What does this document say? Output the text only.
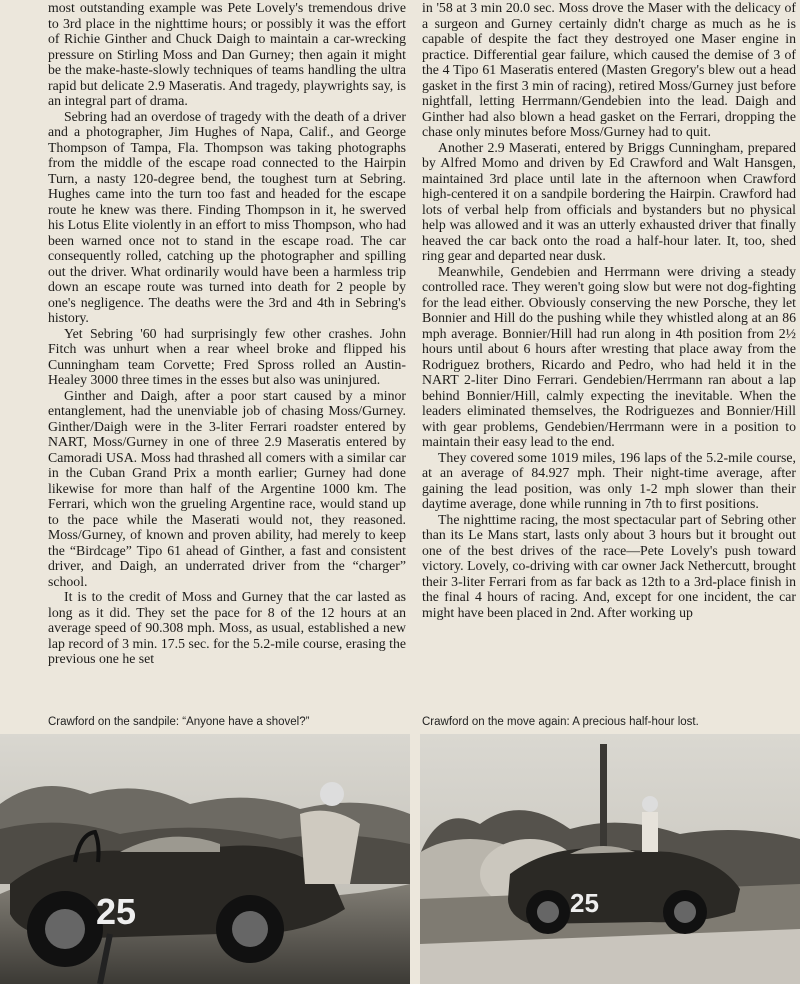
most outstanding example was Pete Lovely's tremendous drive to 3rd place in the nighttime hours; or possibly it was the effort of Richie Ginther and Chuck Daigh to maintain a car-wrecking pressure on Stirling Moss and Dan Gurney; then again it might be the make-haste-slowly techniques of teams handling the ultra rapid but delicate 2.9 Maseratis. And tragedy, playwrights say, is an integral part of drama.

Sebring had an overdose of tragedy with the death of a driver and a photographer, Jim Hughes of Napa, Calif., and George Thompson of Tampa, Fla. Thompson was taking photographs from the middle of the escape road connected to the Hairpin Turn, a nasty 120-degree bend, the toughest turn at Sebring. Hughes came into the turn too fast and headed for the escape route he knew was there. Finding Thompson in it, he swerved his Lotus Elite violently in an effort to miss Thompson, who had been warned once not to stand in the escape road. The car consequently rolled, catching up the photographer and spilling out the driver. What ordinarily would have been a harmless trip down an escape route was turned into death for 2 people by one's negligence. The deaths were the 3rd and 4th in Sebring's history.

Yet Sebring '60 had surprisingly few other crashes. John Fitch was unhurt when a rear wheel broke and flipped his Cunningham team Corvette; Fred Spross rolled an Austin-Healey 3000 three times in the esses but also was uninjured.

Ginther and Daigh, after a poor start caused by a minor entanglement, had the unenviable job of chasing Moss/Gurney. Ginther/Daigh were in the 3-liter Ferrari roadster entered by NART, Moss/Gurney in one of three 2.9 Maseratis entered by Camoradi USA. Moss had thrashed all comers with a similar car in the Cuban Grand Prix a month earlier; Gurney had done likewise for more than half of the Argentine 1000 km. The Ferrari, which won the grueling Argentine race, would stand up to the pace while the Maserati would not, they reasoned. Moss/Gurney, of known and proven ability, had merely to keep the “Birdcage” Tipo 61 ahead of Ginther, a fast and consistent driver, and Daigh, an underrated driver from the “charger” school.

It is to the credit of Moss and Gurney that the car lasted as long as it did. They set the pace for 8 of the 12 hours at an average speed of 90.308 mph. Moss, as usual, established a new lap record of 3 min. 17.5 sec. for the 5.2-mile course, erasing the previous one he set

in '58 at 3 min 20.0 sec. Moss drove the Maser with the delicacy of a surgeon and Gurney certainly didn't charge as much as he is capable of despite the fact they destroyed one Maser engine in practice. Differential gear failure, which caused the demise of 3 of the 4 Tipo 61 Maseratis entered (Masten Gregory's blew out a head gasket in the first 3 min of racing), retired Moss/Gurney just before nightfall, letting Herrmann/Gendebien into the lead. Daigh and Ginther had also blown a head gasket on the Ferrari, dropping the chase only minutes before Moss/Gurney had to quit.

Another 2.9 Maserati, entered by Briggs Cunningham, prepared by Alfred Momo and driven by Ed Crawford and Walt Hansgen, maintained 3rd place until late in the afternoon when Crawford high-centered it on a sandpile bordering the Hairpin. Crawford had lots of verbal help from officials and bystanders but no physical help was allowed and it was an utterly exhausted driver that finally heaved the car back onto the road a half-hour later. It, too, shed ring gear and departed near dusk.

Meanwhile, Gendebien and Herrmann were driving a steady controlled race. They weren't going slow but were not dog-fighting for the lead either. Obviously conserving the new Porsche, they let Bonnier and Hill do the pushing while they whistled along at an 86 mph average. Bonnier/Hill had run along in 4th position from 2½ hours until about 6 hours after wresting that place away from the Rodriguez brothers, Ricardo and Pedro, who had held it in the NART 2-liter Dino Ferrari. Gendebien/Herrmann ran about a lap behind Bonnier/Hill, calmly expecting the inevitable. When the leaders eliminated themselves, the Rodriguezes and Bonnier/Hill with gear problems, Gendebien/Herrmann were in a position to maintain their easy lead to the end.

They covered some 1019 miles, 196 laps of the 5.2-mile course, at an average of 84.927 mph. Their night-time average, after gaining the lead position, was only 1-2 mph slower than their daytime average, done while running in 7th to first positions.

The nighttime racing, the most spectacular part of Sebring other than its Le Mans start, lasts only about 3 hours but it brought out one of the best drives of the race—Pete Lovely's push toward victory. Lovely, co-driving with car owner Jack Nethercutt, brought their 3-liter Ferrari from as far back as 12th to a 3rd-place finish in the final 4 hours of racing. And, except for one incident, the car might have been placed in 2nd. After working up

Crawford on the sandpile: “Anyone have a shovel?”	Crawford on the move again: A precious half-hour lost.
25	25
